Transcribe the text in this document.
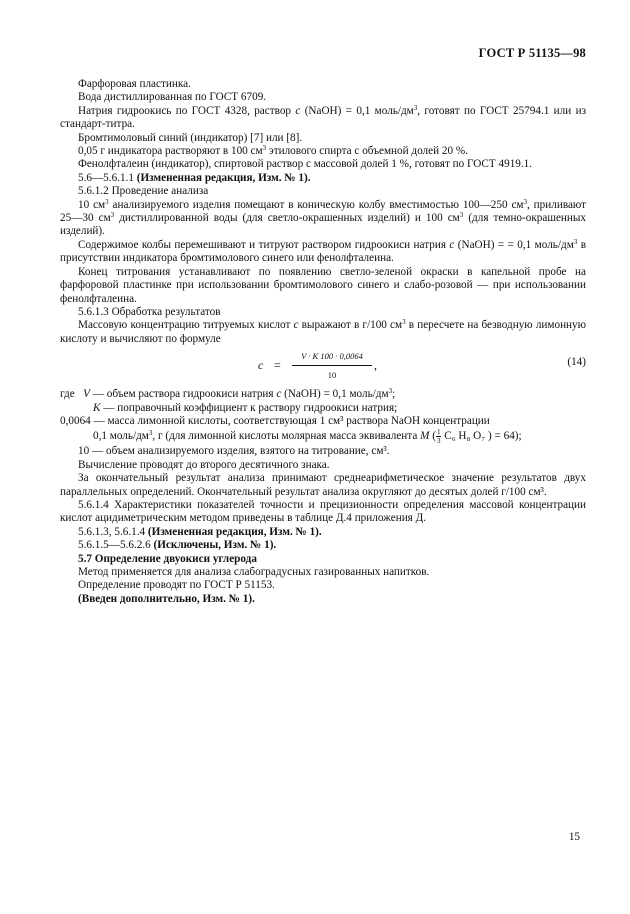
ГОСТ Р 51135—98

Фарфоровая пластинка.

Вода дистиллированная по ГОСТ 6709.

Натрия гидроокись по ГОСТ 4328, раствор c (NaOH) = 0,1 моль/$дм^3$, готовят по ГОСТ 25794.1 или из стандарт-титра.

Бромтимоловый синий (индикатор) [7] или [8].

0,05 г индикатора растворяют в 100 $см^3$ этилового спирта с объемной долей 20 %.

Фенолфталеин (индикатор), спиртовой раствор с массовой долей 1 %, готовят по ГОСТ 4919.1.

5.6—5.6.1.1 (Измененная редакция, Изм. № 1).

5.6.1.2 Проведение анализа

10 $см^3$ анализируемого изделия помещают в коническую колбу вместимостью 100—250 $см^3$, приливают 25—30 $см^3$ дистиллированной воды (для светло-окрашенных изделий) и 100 $см^3$ (для темно-окрашенных изделий).

Содержимое колбы перемешивают и титруют раствором гидроокиси натрия c (NaOH) = = 0,1 моль/$дм^3$ в присутствии индикатора бромтимолового синего или фенолфталеина.

Конец титрования устанавливают по появлению светло-зеленой окраски в капельной пробе на фарфоровой пластинке при использовании бромтимолового синего и слабо-розовой — при использовании фенолфталеина.

5.6.1.3 Обработка результатов

Массовую концентрацию титруемых кислот c выражают в г/100 $см^3$ в пересчете на безводную лимонную кислоту и вычисляют по формуле

$c = \frac{V \cdot K 100 \cdot 0,0064}{10}$ ,	(14)

где V — объем раствора гидроокиси натрия c (NaOH) = 0,1 моль/$дм^3$;

K — поправочный коэффициент к раствору гидроокиси натрия;

0,0064 — масса лимонной кислоты, соответствующая 1 см³ раствора NaOH концентрации

0,1 моль/$дм^3$, г (для лимонной кислоты молярная масса эквивалента M ( $\frac{1}{3} C_6$ H₈ O₇ ) = 64);

10 — объем анализируемого изделия, взятого на титрование, см³.

Вычисление проводят до второго десятичного знака.

За окончательный результат анализа принимают среднеарифметическое значение результатов двух параллельных определений. Окончательный результат анализа округляют до десятых долей г/100 см³.

5.6.1.4 Характеристики показателей точности и прецизионности определения массовой концентрации кислот ацидиметрическим методом приведены в таблице Д.4 приложения Д.

5.6.1.3, 5.6.1.4 (Измененная редакция, Изм. № 1).

5.6.1.5—5.6.2.6 (Исключены, Изм. № 1).

5.7 Определение двуокиси углерода

Метод применяется для анализа слабоградусных газированных напитков.

Определение проводят по ГОСТ Р 51153.

(Введен дополнительно, Изм. № 1).

15
